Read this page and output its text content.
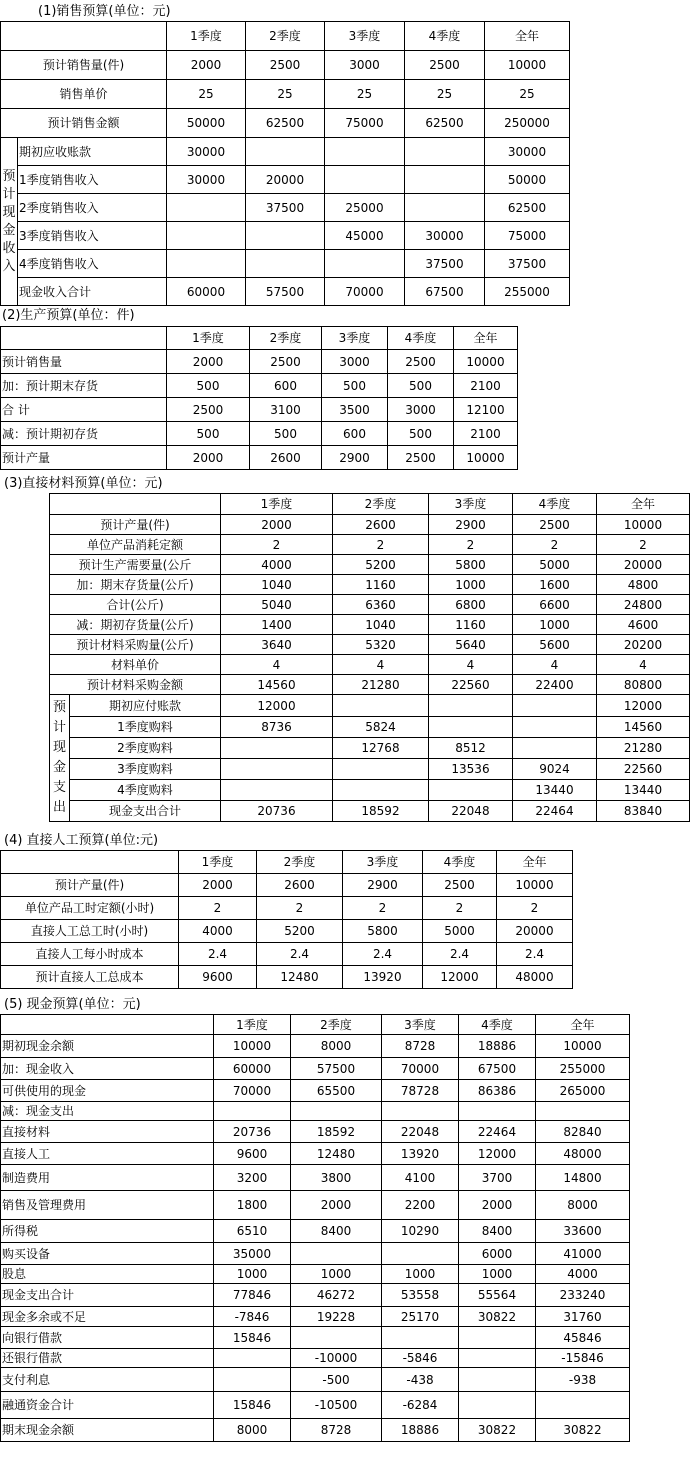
(1)销售预算(单位：元)
		1季度	2季度	3季度	4季度	全年
预计销售量(件)		2000	2500	3000	2500	10000
销售单价		25	25	25	25	25
预计销售金额		50000	62500	75000	62500	250000
预计现金收入	期初应收账款	30000				30000
	1季度销售收入	30000	20000			50000
	2季度销售收入		37500	25000		62500
	3季度销售收入			45000	30000	75000
	4季度销售收入				37500	37500
	现金收入合计	60000	57500	70000	67500	255000
(2)生产预算(单位：件)
	1季度	2季度	3季度	4季度	全年
预计销售量	2000	2500	3000	2500	10000
加：预计期末存货	500	600	500	500	2100
合 计	2500	3100	3500	3000	12100
减：预计期初存货	500	500	600	500	2100
预计产量	2000	2600	2900	2500	10000
(3)直接材料预算(单位：元)
		1季度	2季度	3季度	4季度	全年
预计产量(件)		2000	2600	2900	2500	10000
单位产品消耗定额		2	2	2	2	2
预计生产需要量(公斤		4000	5200	5800	5000	20000
加：期末存货量(公斤)		1040	1160	1000	1600	4800
合计(公斤)		5040	6360	6800	6600	24800
减：期初存货量(公斤)		1400	1040	1160	1000	4600
预计材料采购量(公斤)		3640	5320	5640	5600	20200
材料单价		4	4	4	4	4
预计材料采购金额		14560	21280	22560	22400	80800
预计现金支出	期初应付账款	12000				12000
	1季度购料	8736	5824			14560
	2季度购料		12768	8512		21280
	3季度购料			13536	9024	22560
	4季度购料				13440	13440
	现金支出合计	20736	18592	22048	22464	83840
(4) 直接人工预算(单位:元)
	1季度	2季度	3季度	4季度	全年
预计产量(件)	2000	2600	2900	2500	10000
单位产品工时定额(小时)	2	2	2	2	2
直接人工总工时(小时)	4000	5200	5800	5000	20000
直接人工每小时成本	2.4	2.4	2.4	2.4	2.4
预计直接人工总成本	9600	12480	13920	12000	48000
(5) 现金预算(单位：元)
	1季度	2季度	3季度	4季度	全年
期初现金余额	10000	8000	8728	18886	10000
加：现金收入	60000	57500	70000	67500	255000
可供使用的现金	70000	65500	78728	86386	265000
减：现金支出					
直接材料	20736	18592	22048	22464	82840
直接人工	9600	12480	13920	12000	48000
制造费用	3200	3800	4100	3700	14800
销售及管理费用	1800	2000	2200	2000	8000
所得税	6510	8400	10290	8400	33600
购买设备	35000			6000	41000
股息	1000	1000	1000	1000	4000
现金支出合计	77846	46272	53558	55564	233240
现金多余或不足	-7846	19228	25170	30822	31760
向银行借款	15846				45846
还银行借款		-10000	-5846		-15846
支付利息		-500	-438		-938
融通资金合计	15846	-10500	-6284		
期末现金余额	8000	8728	18886	30822	30822
